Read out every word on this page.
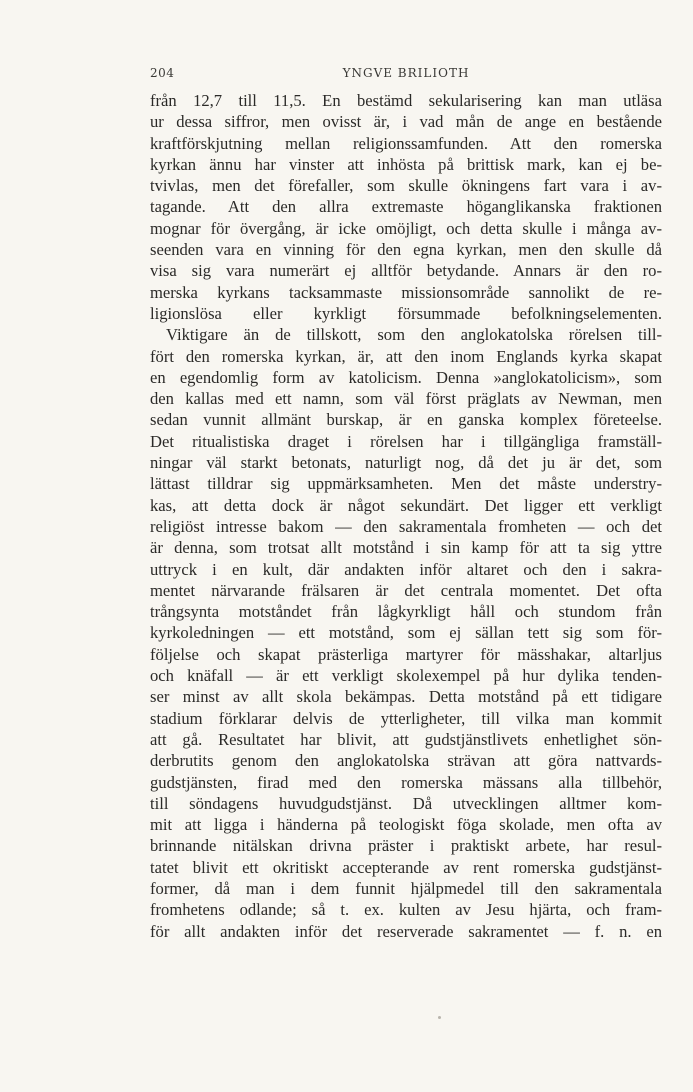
204	YNGVE BRILIOTH
från 12,7 till 11,5. En bestämd sekularisering kan man utläsa
ur dessa siffror, men ovisst är, i vad mån de ange en bestående
kraftförskjutning mellan religionssamfunden. Att den romerska
kyrkan ännu har vinster att inhösta på brittisk mark, kan ej be-
tvivlas, men det förefaller, som skulle ökningens fart vara i av-
tagande. Att den allra extremaste höganglikanska fraktionen
mognar för övergång, är icke omöjligt, och detta skulle i många av-
seenden vara en vinning för den egna kyrkan, men den skulle då
visa sig vara numerärt ej alltför betydande. Annars är den ro-
merska kyrkans tacksammaste missionsområde sannolikt de re-
ligionslösa eller kyrkligt försummade befolkningselementen.
Viktigare än de tillskott, som den anglokatolska rörelsen till-
fört den romerska kyrkan, är, att den inom Englands kyrka skapat
en egendomlig form av katolicism. Denna »anglokatolicism», som
den kallas med ett namn, som väl först präglats av Newman, men
sedan vunnit allmänt burskap, är en ganska komplex företeelse.
Det ritualistiska draget i rörelsen har i tillgängliga framställ-
ningar väl starkt betonats, naturligt nog, då det ju är det, som
lättast tilldrar sig uppmärksamheten. Men det måste understry-
kas, att detta dock är något sekundärt. Det ligger ett verkligt
religiöst intresse bakom — den sakramentala fromheten — och det
är denna, som trotsat allt motstånd i sin kamp för att ta sig yttre
uttryck i en kult, där andakten inför altaret och den i sakra-
mentet närvarande frälsaren är det centrala momentet. Det ofta
trångsynta motståndet från lågkyrkligt håll och stundom från
kyrkoledningen — ett motstånd, som ej sällan tett sig som för-
följelse och skapat prästerliga martyrer för mässhakar, altarljus
och knäfall — är ett verkligt skolexempel på hur dylika tenden-
ser minst av allt skola bekämpas. Detta motstånd på ett tidigare
stadium förklarar delvis de ytterligheter, till vilka man kommit
att gå. Resultatet har blivit, att gudstjänstlivets enhetlighet sön-
derbrutits genom den anglokatolska strävan att göra nattvards-
gudstjänsten, firad med den romerska mässans alla tillbehör,
till söndagens huvudgudstjänst. Då utvecklingen alltmer kom-
mit att ligga i händerna på teologiskt föga skolade, men ofta av
brinnande nitälskan drivna präster i praktiskt arbete, har resul-
tatet blivit ett okritiskt accepterande av rent romerska gudstjänst-
former, då man i dem funnit hjälpmedel till den sakramentala
fromhetens odlande; så t. ex. kulten av Jesu hjärta, och fram-
för allt andakten inför det reserverade sakramentet — f. n. en
